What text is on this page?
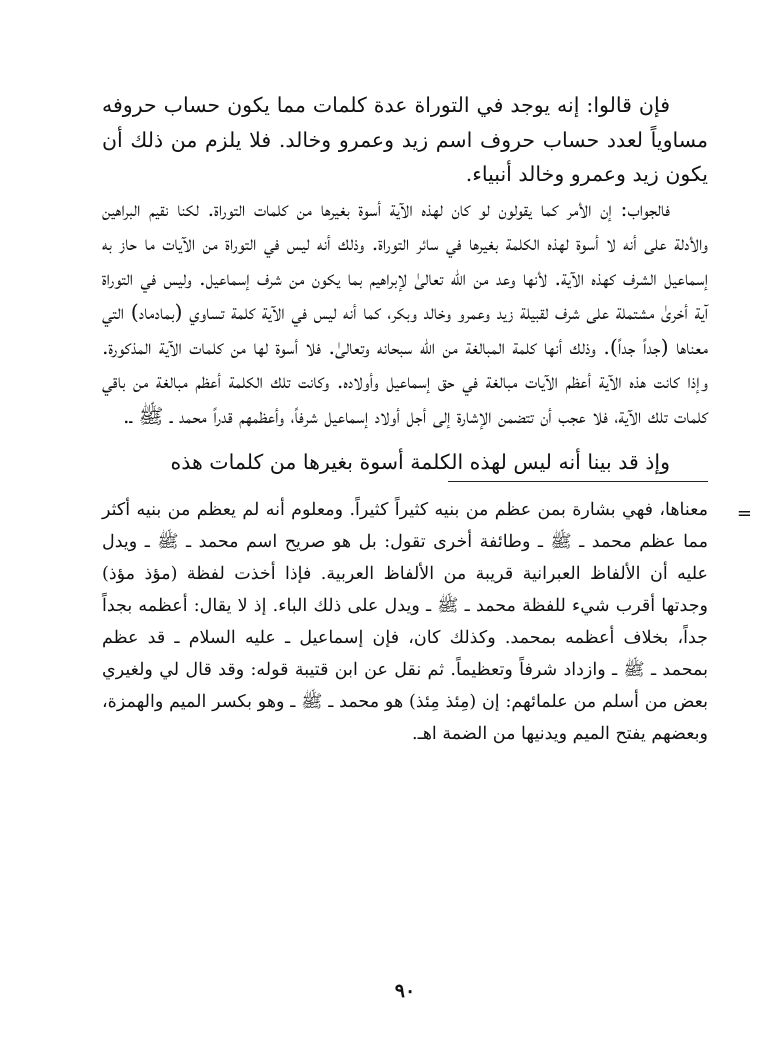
فإن قالوا: إنه يوجد في التوراة عدة كلمات مما يكون حساب حروفه مساوياً لعدد حساب حروف اسم زيد وعمرو وخالد. فلا يلزم من ذلك أن يكون زيد وعمرو وخالد أنبياء.

فالجواب: إن الأمر كما يقولون لو كان لهذه الآية أسوة بغيرها من كلمات التوراة. لكنا نقيم البراهين والأدلة على أنه لا أسوة لهذه الكلمة بغيرها في سائر التوراة. وذلك أنه ليس في التوراة من الآيات ما حاز به إسماعيل الشرف كهذه الآية. لأنها وعد من الله تعالىٰ لإبراهيم بما يكون من شرف إسماعيل. وليس في التوراة آية أخرىٰ مشتملة على شرف لقبيلة زيد وعمرو وخالد وبكر، كما أنه ليس في الآية كلمة تساوي (بمادماد) التي معناها (جداً جداً). وذلك أنها كلمة المبالغة من الله سبحانه وتعالىٰ. فلا أسوة لها من كلمات الآية المذكورة. وإذا كانت هذه الآية أعظم الآيات مبالغة في حق إسماعيل وأولاده. وكانت تلك الكلمة أعظم مبالغة من باقي كلمات تلك الآية، فلا عجب أن تتضمن الإشارة إلى أجل أولاد إسماعيل شرفاً، وأعظمهم قدراً محمد ـ ﷺ ـ.

وإذ قد بينا أنه ليس لهذه الكلمة أسوة بغيرها من كلمات هذه
=
معناها، فهي بشارة بمن عظم من بنيه كثيراً كثيراً. ومعلوم أنه لم يعظم من بنيه أكثر مما عظم محمد ـ ﷺ ـ وطائفة أخرى تقول: بل هو صريح اسم محمد ـ ﷺ ـ ويدل عليه أن الألفاظ العبرانية قريبة من الألفاظ العربية. فإذا أخذت لفظة (مؤذ مؤذ) وجدتها أقرب شيء للفظة محمد ـ ﷺ ـ ويدل على ذلك الباء. إذ لا يقال: أعظمه بجداً جداً، بخلاف أعظمه بمحمد. وكذلك كان، فإن إسماعيل ـ عليه السلام ـ قد عظم بمحمد ـ ﷺ ـ وازداد شرفاً وتعظيماً. ثم نقل عن ابن قتيبة قوله: وقد قال لي ولغيري بعض من أسلم من علمائهم: إن (مِئذ مِئذ) هو محمد ـ ﷺ ـ وهو بكسر الميم والهمزة، وبعضهم يفتح الميم ويدنيها من الضمة اهـ.
٩٠
